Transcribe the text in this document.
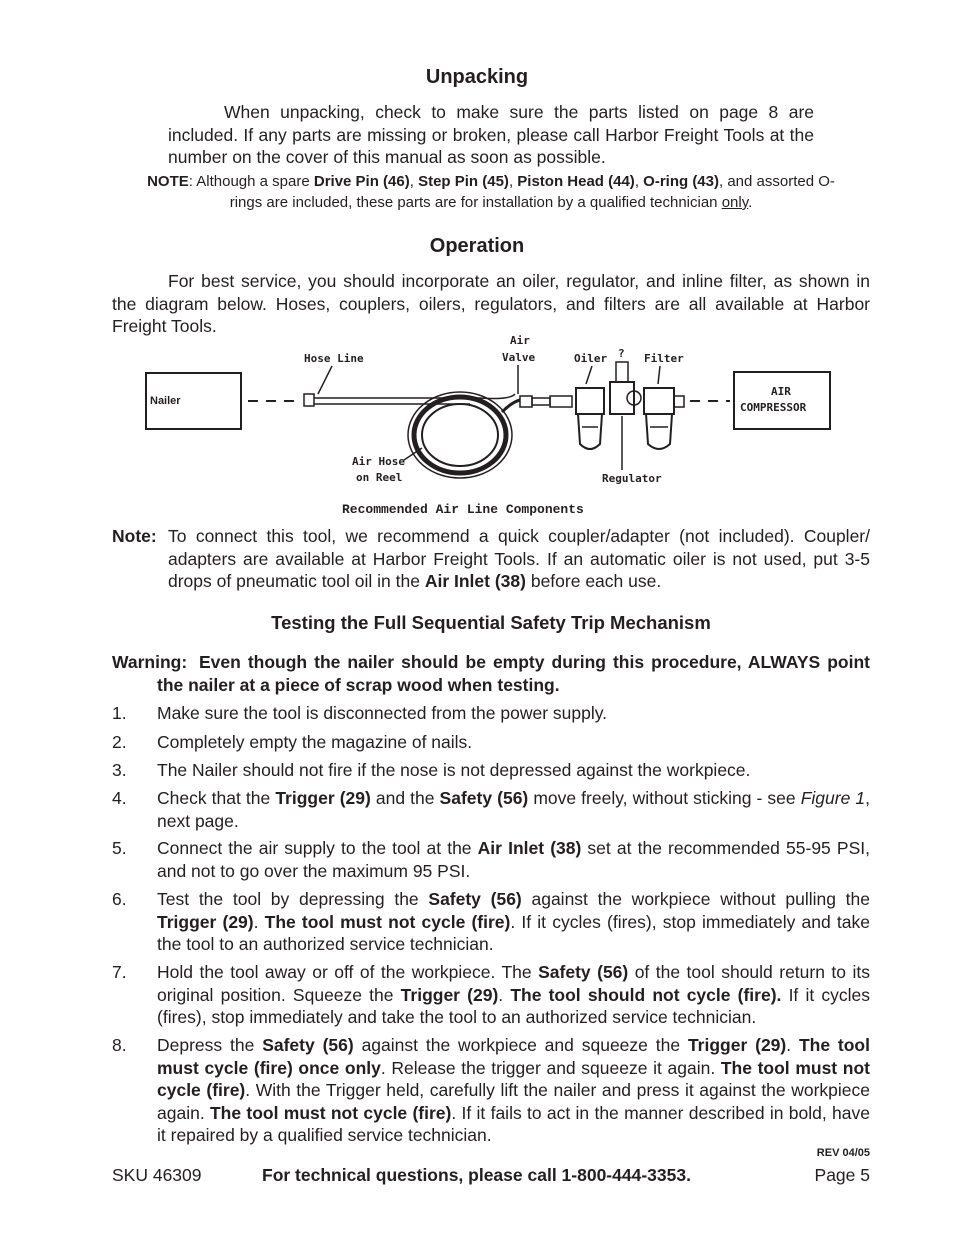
Unpacking
When unpacking, check to make sure the parts listed on page 8 are included. If any parts are missing or broken, please call Harbor Freight Tools at the number on the cover of this manual as soon as possible.
NOTE: Although a spare Drive Pin (46), Step Pin (45), Piston Head (44), O-ring (43), and assorted O-rings are included, these parts are for installation by a qualified technician only.
Operation
For best service, you should incorporate an oiler, regulator, and inline filter, as shown in the diagram below. Hoses, couplers, oilers, regulators, and filters are all available at Harbor Freight Tools.
Nailer
Hose Line
Air Hose
on Reel
Air
Valve	Oiler ?
Regulator
Filter
AIR
COMPRESSOR
Recommended Air Line Components
Note: To connect this tool, we recommend a quick coupler/adapter (not included). Coupler/ adapters are available at Harbor Freight Tools. If an automatic oiler is not used, put 3-5 drops of pneumatic tool oil in the Air Inlet (38) before each use.
Testing the Full Sequential Safety Trip Mechanism
Warning: Even though the nailer should be empty during this procedure, ALWAYS point the nailer at a piece of scrap wood when testing.
1. Make sure the tool is disconnected from the power supply.
2. Completely empty the magazine of nails.
3. The Nailer should not fire if the nose is not depressed against the workpiece.
4. Check that the Trigger (29) and the Safety (56) move freely, without sticking - see Figure 1, next page.
5. Connect the air supply to the tool at the Air Inlet (38) set at the recommended 55-95 PSI, and not to go over the maximum 95 PSI.
6. Test the tool by depressing the Safety (56) against the workpiece without pulling the Trigger (29). The tool must not cycle (fire). If it cycles (fires), stop immediately and take the tool to an authorized service technician.
7. Hold the tool away or off of the workpiece. The Safety (56) of the tool should return to its original position. Squeeze the Trigger (29). The tool should not cycle (fire). If it cycles (fires), stop immediately and take the tool to an authorized service technician.
8. Depress the Safety (56) against the workpiece and squeeze the Trigger (29). The tool must cycle (fire) once only. Release the trigger and squeeze it again. The tool must not cycle (fire). With the Trigger held, carefully lift the nailer and press it against the workpiece again. The tool must not cycle (fire). If it fails to act in the manner described in bold, have it repaired by a qualified service technician.
REV 04/05
SKU 46309	For technical questions, please call 1-800-444-3353.	Page 5
